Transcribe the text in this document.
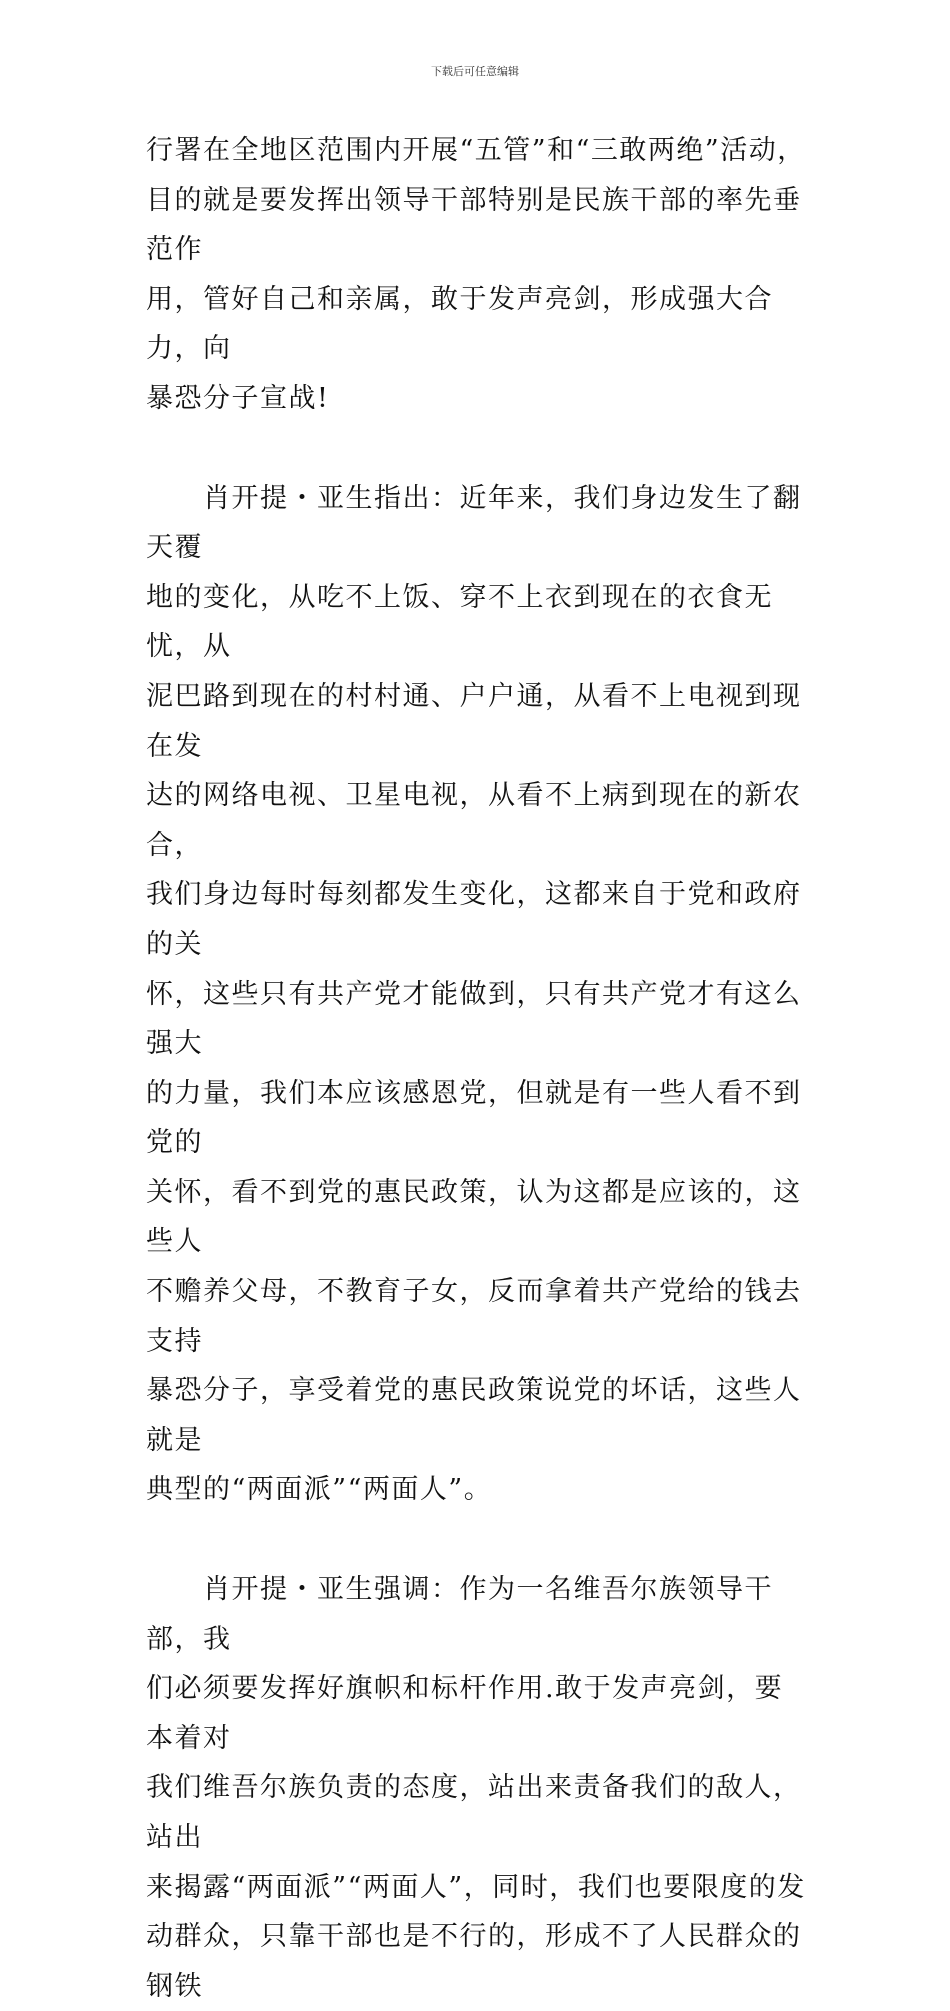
下载后可任意编辑

行署在全地区范围内开展“五管”和“三敢两绝”活动，
目的就是要发挥出领导干部特别是民族干部的率先垂范作
用，管好自己和亲属，敢于发声亮剑，形成强大合力，向
暴恐分子宣战!

肖开提・亚生指出：近年来，我们身边发生了翻天覆
地的变化，从吃不上饭、穿不上衣到现在的衣食无忧，从
泥巴路到现在的村村通、户户通，从看不上电视到现在发
达的网络电视、卫星电视，从看不上病到现在的新农合，
我们身边每时每刻都发生变化，这都来自于党和政府的关
怀，这些只有共产党才能做到，只有共产党才有这么强大
的力量，我们本应该感恩党，但就是有一些人看不到党的
关怀，看不到党的惠民政策，认为这都是应该的，这些人
不赡养父母，不教育子女，反而拿着共产党给的钱去支持
暴恐分子，享受着党的惠民政策说党的坏话，这些人就是
典型的“两面派”“两面人”。

肖开提・亚生强调：作为一名维吾尔族领导干部，我
们必须要发挥好旗帜和标杆作用.敢于发声亮剑，要本着对
我们维吾尔族负责的态度，站出来责备我们的敌人，站出
来揭露“两面派”“两面人”，同时，我们也要限度的发
动群众，只靠干部也是不行的，形成不了人民群众的钢铁
